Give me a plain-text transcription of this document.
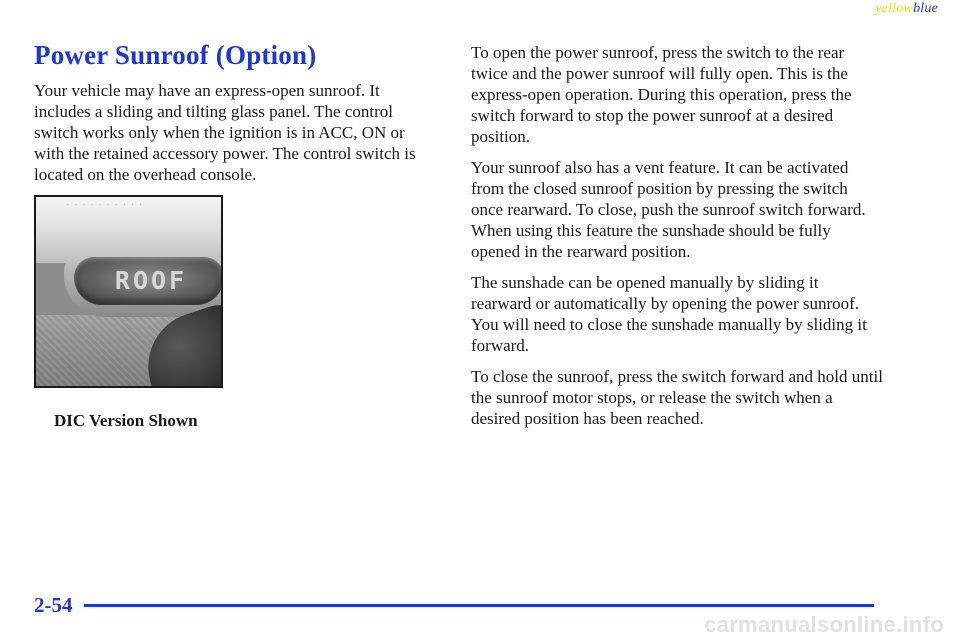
yellowblue
Power Sunroof (Option)

Your vehicle may have an express-open sunroof. It includes a sliding and tilting glass panel. The control switch works only when the ignition is in ACC, ON or with the retained accessory power. The control switch is located on the overhead console.

· · · · · · · · · ·
ROOF
DIC Version Shown

To open the power sunroof, press the switch to the rear twice and the power sunroof will fully open. This is the express-open operation. During this operation, press the switch forward to stop the power sunroof at a desired position.

Your sunroof also has a vent feature. It can be activated from the closed sunroof position by pressing the switch once rearward. To close, push the sunroof switch forward. When using this feature the sunshade should be fully opened in the rearward position.

The sunshade can be opened manually by sliding it rearward or automatically by opening the power sunroof. You will need to close the sunshade manually by sliding it forward.

To close the sunroof, press the switch forward and hold until the sunroof motor stops, or release the switch when a desired position has been reached.

2-54
carmanualsonline.info
